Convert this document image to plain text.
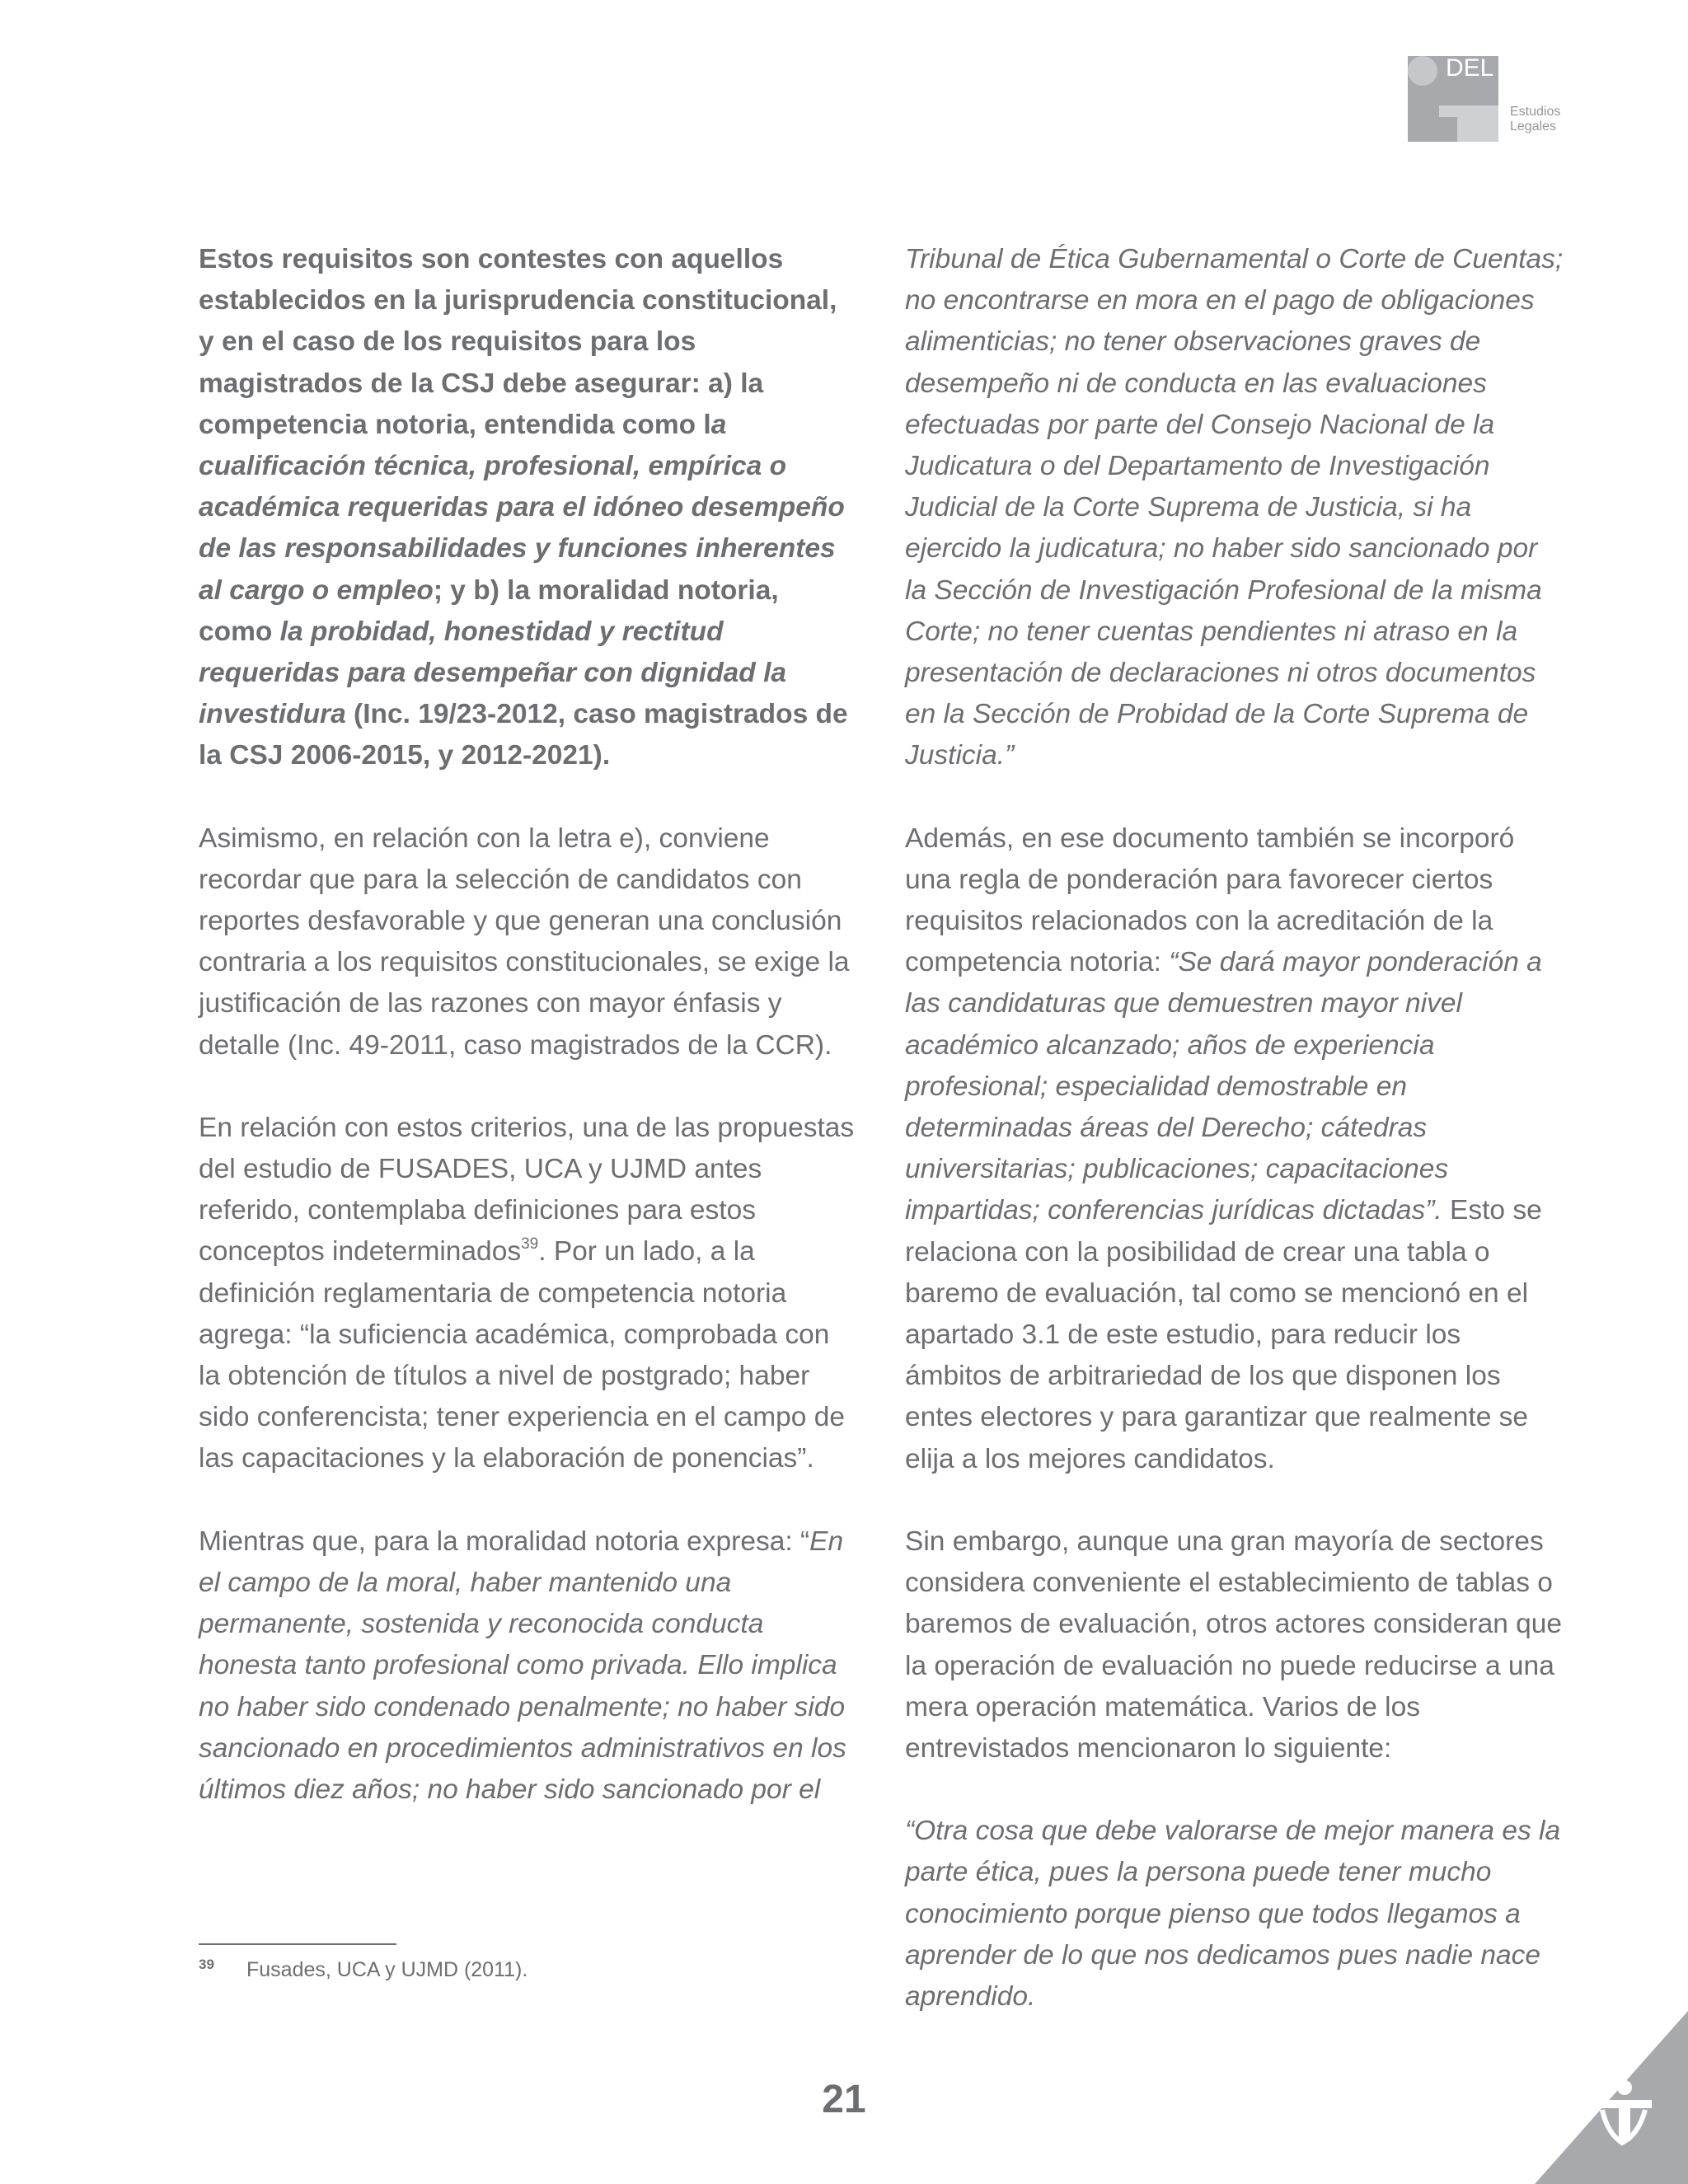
DEL
Estudios
Legales

Estos requisitos son contestes con aquellos establecidos en la jurisprudencia constitucional, y en el caso de los requisitos para los magistrados de la CSJ debe asegurar: a) la competencia notoria, entendida como la cualificación técnica, profesional, empírica o académica requeridas para el idóneo desempeño de las responsabilidades y funciones inherentes al cargo o empleo; y b) la moralidad notoria, como la probidad, honestidad y rectitud requeridas para desempeñar con dignidad la investidura (Inc. 19/23-2012, caso magistrados de la CSJ 2006-2015, y 2012-2021).

Asimismo, en relación con la letra e), conviene recordar que para la selección de candidatos con reportes desfavorable y que generan una conclusión contraria a los requisitos constitucionales, se exige la justificación de las razones con mayor énfasis y detalle (Inc. 49-2011, caso magistrados de la CCR).

En relación con estos criterios, una de las propuestas del estudio de FUSADES, UCA y UJMD antes referido, contemplaba definiciones para estos conceptos indeterminados$^{39}$. Por un lado, a la definición reglamentaria de competencia notoria agrega: “la suficiencia académica, comprobada con la obtención de títulos a nivel de postgrado; haber sido conferencista; tener experiencia en el campo de las capacitaciones y la elaboración de ponencias”.

Mientras que, para la moralidad notoria expresa: “En el campo de la moral, haber mantenido una permanente, sostenida y reconocida conducta honesta tanto profesional como privada. Ello implica no haber sido condenado penalmente; no haber sido sancionado en procedimientos administrativos en los últimos diez años; no haber sido sancionado por el

Tribunal de Ética Gubernamental o Corte de Cuentas; no encontrarse en mora en el pago de obligaciones alimenticias; no tener observaciones graves de desempeño ni de conducta en las evaluaciones efectuadas por parte del Consejo Nacional de la Judicatura o del Departamento de Investigación Judicial de la Corte Suprema de Justicia, si ha ejercido la judicatura; no haber sido sancionado por la Sección de Investigación Profesional de la misma Corte; no tener cuentas pendientes ni atraso en la presentación de declaraciones ni otros documentos en la Sección de Probidad de la Corte Suprema de Justicia.”

Además, en ese documento también se incorporó una regla de ponderación para favorecer ciertos requisitos relacionados con la acreditación de la competencia notoria: “Se dará mayor ponderación a las candidaturas que demuestren mayor nivel académico alcanzado; años de experiencia profesional; especialidad demostrable en determinadas áreas del Derecho; cátedras universitarias; publicaciones; capacitaciones impartidas; conferencias jurídicas dictadas”. Esto se relaciona con la posibilidad de crear una tabla o baremo de evaluación, tal como se mencionó en el apartado 3.1 de este estudio, para reducir los ámbitos de arbitrariedad de los que disponen los entes electores y para garantizar que realmente se elija a los mejores candidatos.

Sin embargo, aunque una gran mayoría de sectores considera conveniente el establecimiento de tablas o baremos de evaluación, otros actores consideran que la operación de evaluación no puede reducirse a una mera operación matemática. Varios de los entrevistados mencionaron lo siguiente:

“Otra cosa que debe valorarse de mejor manera es la parte ética, pues la persona puede tener mucho conocimiento porque pienso que todos llegamos a aprender de lo que nos dedicamos pues nadie nace aprendido.

39 Fusades, UCA y UJMD (2011).
21
